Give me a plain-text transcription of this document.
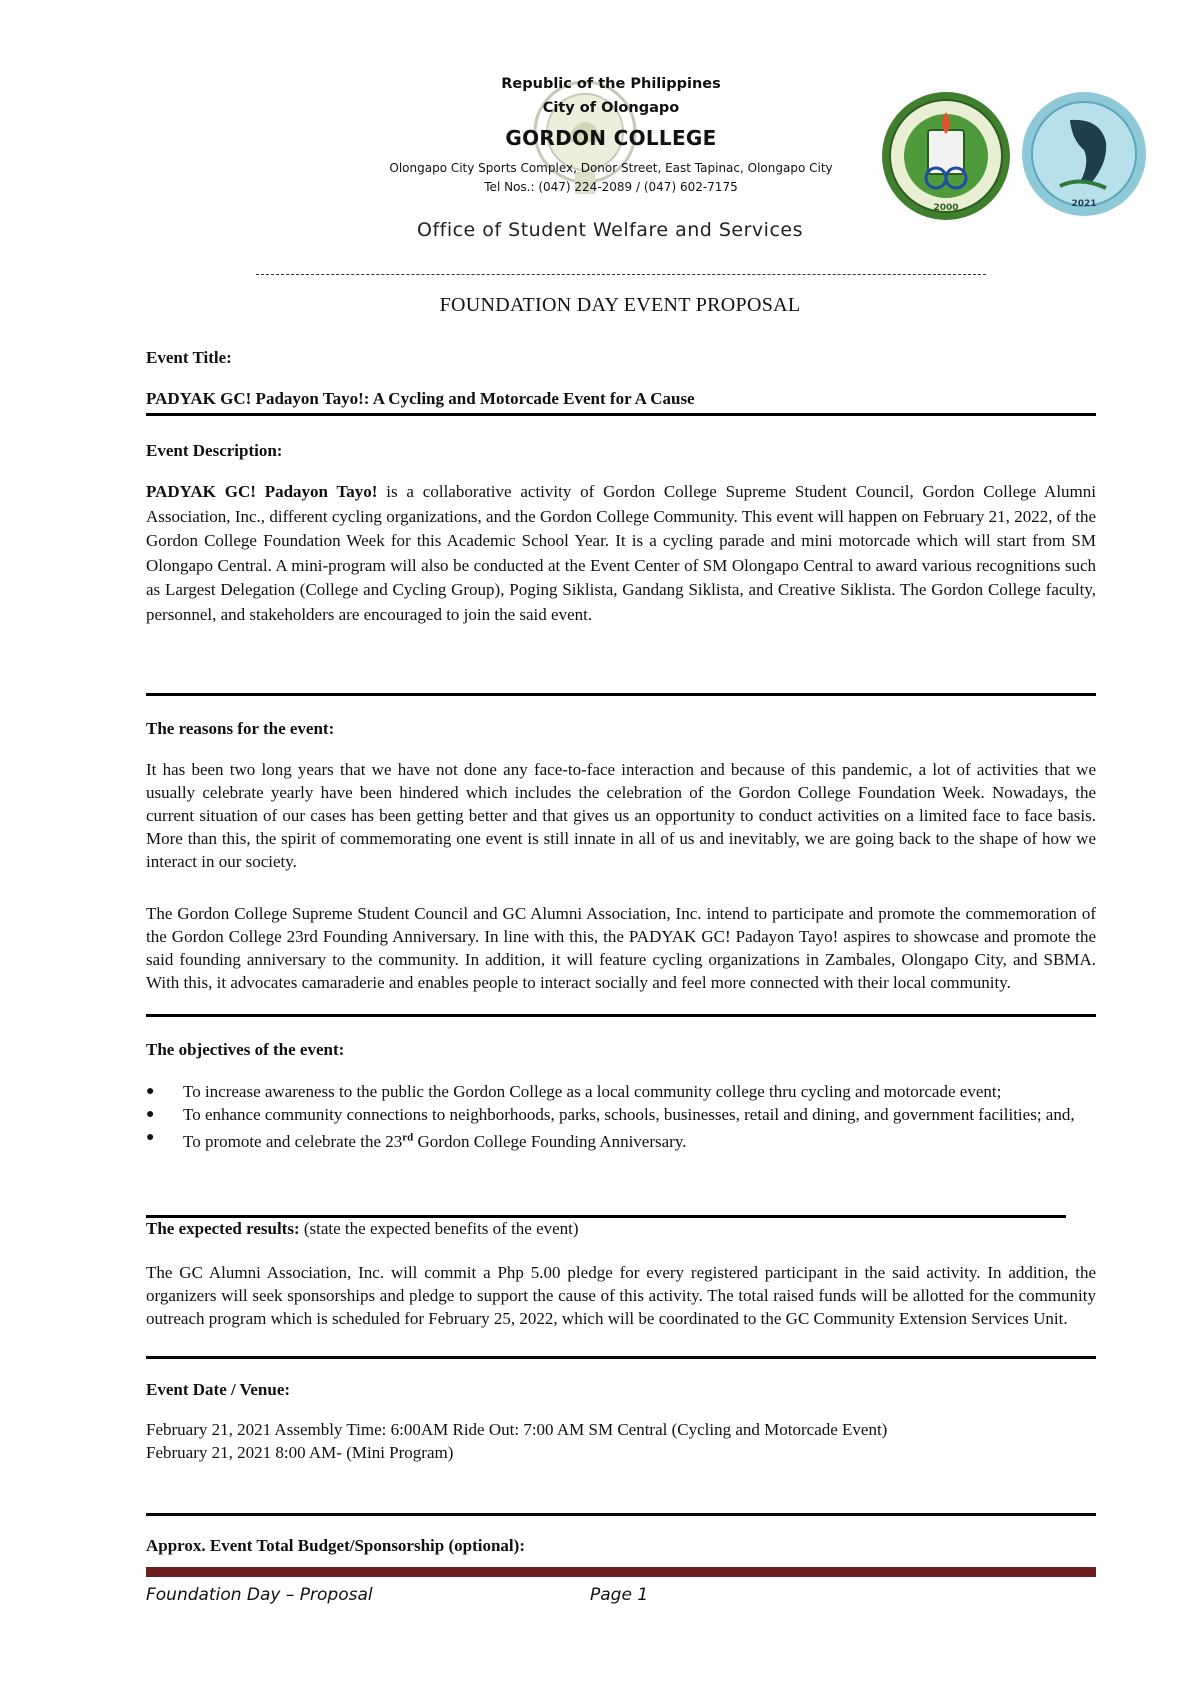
Republic of the Philippines
City of Olongapo
GORDON COLLEGE
Olongapo City Sports Complex, Donor Street, East Tapinac, Olongapo City
Tel Nos.: (047) 224-2089 / (047) 602-7175
Office of Student Welfare and Services
2000	2021
FOUNDATION DAY EVENT PROPOSAL
Event Title:
PADYAK GC! Padayon Tayo!: A Cycling and Motorcade Event for A Cause
Event Description:
PADYAK GC! Padayon Tayo! is a collaborative activity of Gordon College Supreme Student Council, Gordon College Alumni Association, Inc., different cycling organizations, and the Gordon College Community. This event will happen on February 21, 2022, of the Gordon College Foundation Week for this Academic School Year. It is a cycling parade and mini motorcade which will start from SM Olongapo Central. A mini-program will also be conducted at the Event Center of SM Olongapo Central to award various recognitions such as Largest Delegation (College and Cycling Group), Poging Siklista, Gandang Siklista, and Creative Siklista. The Gordon College faculty, personnel, and stakeholders are encouraged to join the said event.
The reasons for the event:
It has been two long years that we have not done any face-to-face interaction and because of this pandemic, a lot of activities that we usually celebrate yearly have been hindered which includes the celebration of the Gordon College Foundation Week. Nowadays, the current situation of our cases has been getting better and that gives us an opportunity to conduct activities on a limited face to face basis. More than this, the spirit of commemorating one event is still innate in all of us and inevitably, we are going back to the shape of how we interact in our society.
The Gordon College Supreme Student Council and GC Alumni Association, Inc. intend to participate and promote the commemoration of the Gordon College 23rd Founding Anniversary. In line with this, the PADYAK GC! Padayon Tayo! aspires to showcase and promote the said founding anniversary to the community. In addition, it will feature cycling organizations in Zambales, Olongapo City, and SBMA. With this, it advocates camaraderie and enables people to interact socially and feel more connected with their local community.
The objectives of the event:
● To increase awareness to the public the Gordon College as a local community college thru cycling and motorcade event;
● To enhance community connections to neighborhoods, parks, schools, businesses, retail and dining, and government facilities; and,
● To promote and celebrate the 23rd Gordon College Founding Anniversary.
The expected results: (state the expected benefits of the event)
The GC Alumni Association, Inc. will commit a Php 5.00 pledge for every registered participant in the said activity. In addition, the organizers will seek sponsorships and pledge to support the cause of this activity. The total raised funds will be allotted for the community outreach program which is scheduled for February 25, 2022, which will be coordinated to the GC Community Extension Services Unit.
Event Date / Venue:
February 21, 2021 Assembly Time: 6:00AM Ride Out: 7:00 AM SM Central (Cycling and Motorcade Event)
February 21, 2021 8:00 AM- (Mini Program)
Approx. Event Total Budget/Sponsorship (optional):
Foundation Day – Proposal	Page 1
